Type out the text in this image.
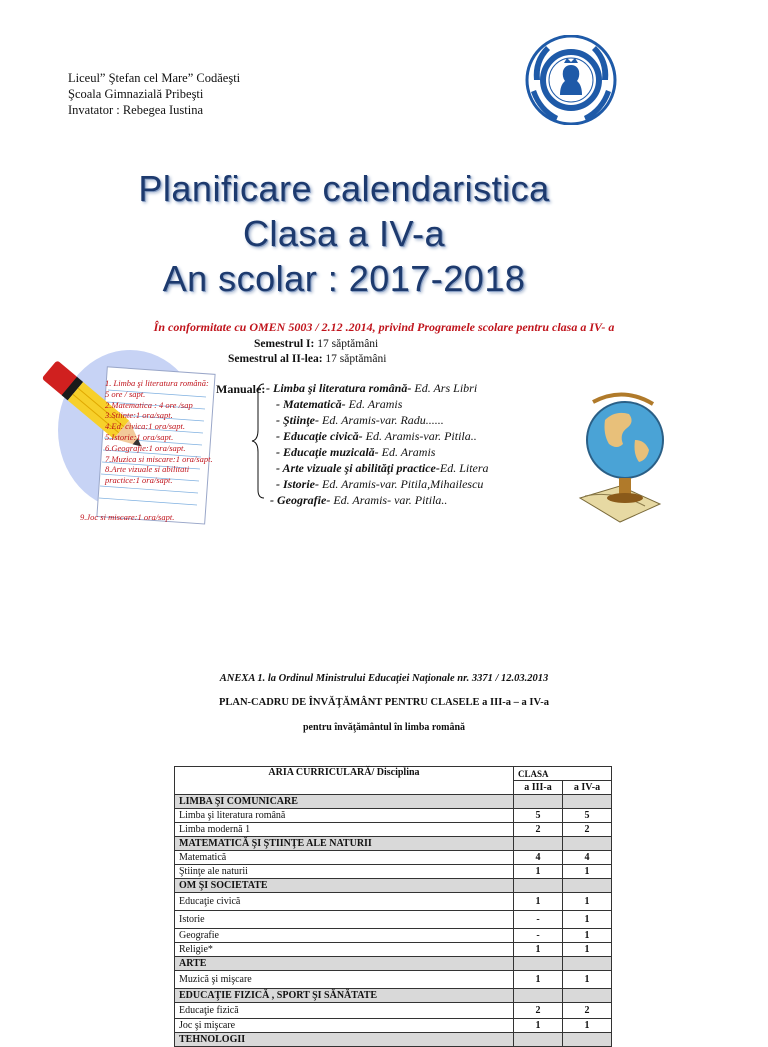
Liceul” Ştefan cel Mare” Codăeşti
Şcoala Gimnazială Pribeşti
Invatator : Rebegea Iustina
Planificare calendaristica
Clasa a IV-a
An scolar : 2017-2018
În conformitate cu OMEN 5003 / 2.12 .2014, privind Programele scolare pentru clasa a IV- a
Semestrul I: 17 săptămâni
Semestrul al II-lea: 17 săptămâni
1. Limba şi literatura română: 5 ore / sapt.
2.Matematica : 4 ore /sap
3.Stiinte:1 ora/sapt.
4.Ed. civica:1 ora/sapt.
5.Istorie:1 ora/sapt.
6.Geografie:1 ora/sapt.
7.Muzica si miscare:1 ora/sapt.
8.Arte vizuale si abilitati practice:1 ora/sapt.
9.Joc si miscare:1 ora/sapt.
Manuale: - Limba şi literatura română- Ed. Ars Libri
- Matematică- Ed. Aramis
- Ştiinţe- Ed. Aramis-var. Radu......
- Educaţie civică- Ed. Aramis-var. Pitila..
- Educaţie muzicală- Ed. Aramis
- Arte vizuale şi abilităţi practice-Ed. Litera
- Istorie- Ed. Aramis-var. Pitila,Mihailescu
- Geografie- Ed. Aramis- var. Pitila..
ANEXA 1. la Ordinul Ministrului Educaţiei Naţionale nr. 3371 / 12.03.2013
PLAN-CADRU DE ÎNVĂŢĂMÂNT PENTRU CLASELE a III-a – a IV-a
pentru învăţământul în limba română
ARIA CURRICULARĂ/ Disciplina	CLASA	
	a III-a	a IV-a
LIMBA ŞI COMUNICARE		
Limba şi literatura română	5	5
Limba modernă 1	2	2
MATEMATICĂ ŞI ŞTIINŢE ALE NATURII		
Matematică	4	4
Ştiinţe ale naturii	1	1
OM ŞI SOCIETATE		
Educaţie civică	1	1
Istorie	-	1
Geografie	-	1
Religie*	1	1
ARTE		
Muzică şi mişcare	1	1
EDUCAŢIE FIZICĂ , SPORT ŞI SĂNĂTATE		
Educaţie fizică	2	2
Joc şi mişcare	1	1
TEHNOLOGII		
